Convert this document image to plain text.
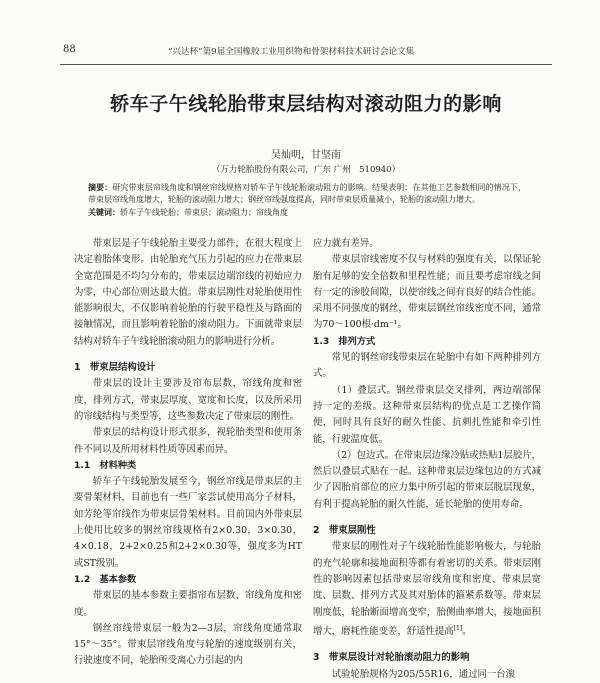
88	“兴达杯”第9届全国橡胶工业用织物和骨架材料技术研讨会论文集
轿车子午线轮胎带束层结构对滚动阻力的影响
吴灿明，甘坚南
（万力轮胎股份有限公司，广东 广州　510940）

摘要：研究带束层帘线角度和钢丝帘线规格对轿车子午线轮胎滚动阻力的影响。结果表明：在其他工艺参数相同的情况下，带束层帘线角度增大，轮胎的滚动阻力增大；钢丝帘线强度提高，同时带束层质量减小，轮胎的滚动阻力增大。

关键词：轿车子午线轮胎；带束层；滚动阻力；帘线角度

带束层是子午线轮胎主要受力部件，在很大程度上决定着胎体变形。由轮胎充气压力引起的应力在带束层全宽范围是不均匀分布的，带束层边端帘线的初始应力为零，中心部位则达最大值。带束层刚性对轮胎使用性能影响很大，不仅影响着轮胎的行驶平稳性及与路面的接触情况，而且影响着轮胎的滚动阻力。下面就带束层结构对轿车子午线轮胎滚动阻力的影响进行分析。

1　带束层结构设计

带束层的设计主要涉及帘布层数，帘线角度和密度，排列方式，带束层厚度、宽度和长度，以及所采用的帘线结构与类型等，这些参数决定了带束层的刚性。

带束层的结构设计形式很多，视轮胎类型和使用条件不同以及所用材料性质等因素而异。

1.1　材料种类

轿车子午线轮胎发展至今，钢丝帘线是带束层的主要骨架材料，目前也有一些厂家尝试使用高分子材料，如芳纶等帘线作为带束层骨架材料。目前国内外带束层上使用比较多的钢丝帘线规格有2×0.30，3×0.30，4×0.18，2+2×0.25和2+2×0.30等，强度多为HT或ST级别。

1.2　基本参数

带束层的基本参数主要指帘布层数、帘线角度和密度。

钢丝帘线带束层一般为2—3层，帘线角度通常取15°～35°。带束层帘线角度与轮胎的速度级别有关，行驶速度不同，轮胎所受离心力引起的内

应力就有差异。

带束层帘线密度不仅与材料的强度有关，以保证轮胎有足够的安全倍数和里程性能；而且要考虑帘线之间有一定的渗胶间隙，以使帘线之间有良好的结合性能。采用不同强度的钢丝，带束层钢丝帘线密度不同，通常为70～100根·dm⁻¹。

1.3　排列方式

常见的钢丝帘线带束层在轮胎中有如下两种排列方式。

（1）叠层式。钢丝带束层交叉排列，两边端部保持一定的差级。这种带束层结构的优点是工艺操作简便，同时具有良好的耐久性能、抗刺扎性能和牵引性能，行驶温度低。

（2）包边式。在带束层边缘冷贴或热贴1层胶片，然后以叠层式贴在一起。这种带束层边缘包边的方式减少了因胎肩部位的应力集中所引起的带束层脱层现象，有利于提高轮胎的耐久性能，延长轮胎的使用寿命。

2　带束层刚性

带束层的刚性对子午线轮胎性能影响极大，与轮胎的充气轮廓和接地面积等都有着密切的关系。带束层刚性的影响因素包括带束层帘线角度和密度、带束层宽度、层数、排列方式及其对胎体的箍紧系数等。带束层刚度低，轮胎断面增高变窄，胎侧曲率增大，接地面积增大，磨耗性能变差，舒适性提高[1]。

3　带束层设计对轮胎滚动阻力的影响

试验轮胎规格为205/55R16，通过同一台滚
